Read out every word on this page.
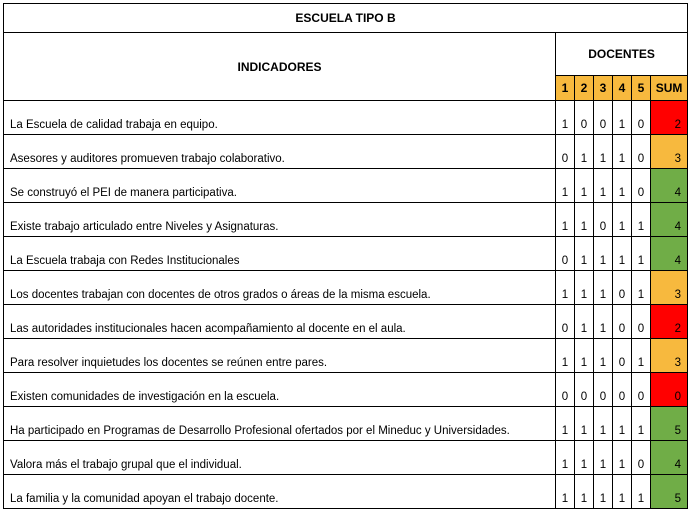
ESCUELA TIPO B						
INDICADORES	DOCENTES					
	1	2	3	4	5	SUM
La Escuela de calidad trabaja en equipo.	1	0	0	1	0	2
Asesores y auditores promueven trabajo colaborativo.	0	1	1	1	0	3
Se construyó el PEI de manera participativa.	1	1	1	1	0	4
Existe trabajo articulado entre Niveles y Asignaturas.	1	1	0	1	1	4
La Escuela trabaja con Redes Institucionales	0	1	1	1	1	4
Los docentes trabajan con docentes de otros grados o áreas de la misma escuela.	1	1	1	0	1	3
Las autoridades institucionales hacen acompañamiento al docente en el aula.	0	1	1	0	0	2
Para resolver inquietudes los docentes se reúnen entre pares.	1	1	1	0	1	3
Existen comunidades de investigación en la escuela.	0	0	0	0	0	0
Ha participado en Programas de Desarrollo Profesional ofertados por el Mineduc y Universidades.	1	1	1	1	1	5
Valora más el trabajo grupal que el individual.	1	1	1	1	0	4
La familia y la comunidad apoyan el trabajo docente.	1	1	1	1	1	5
